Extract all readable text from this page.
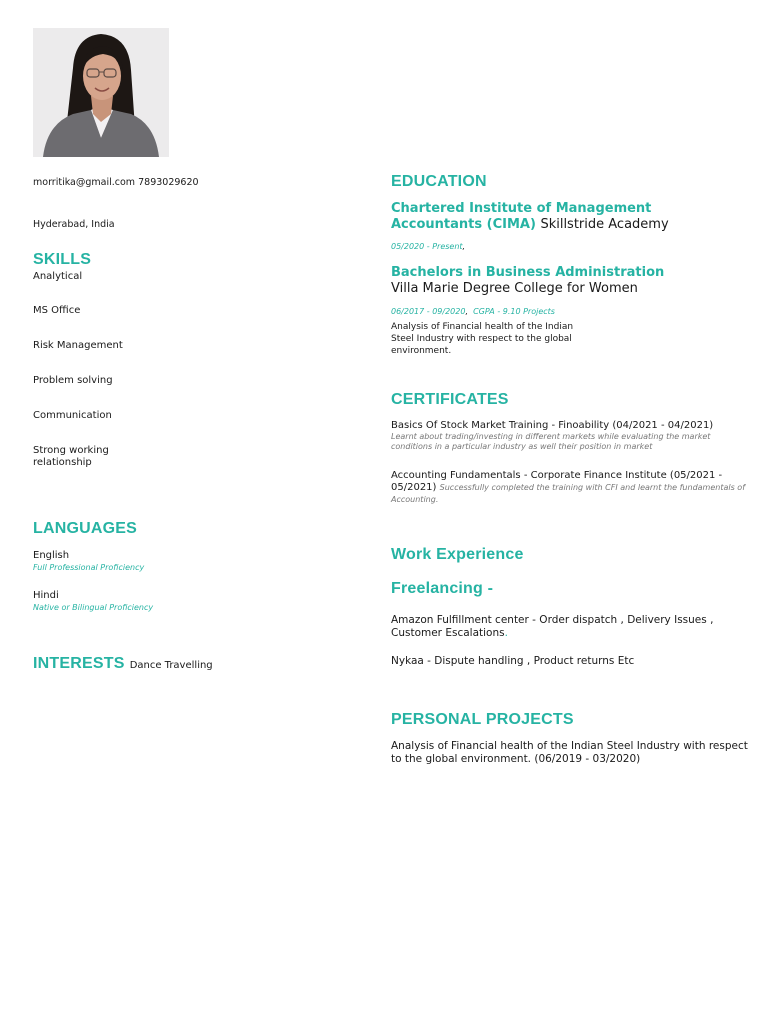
morritika@gmail.com 7893029620
Hyderabad, India
SKILLS
Analytical
MS Office
Risk Management
Problem solving
Communication
Strong working relationship
LANGUAGES
English
Full Professional Proficiency
Hindi
Native or Bilingual Proficiency
INTERESTS Dance Travelling
EDUCATION
Chartered Institute of Management Accountants (CIMA) Skillstride Academy
05/2020 - Present,
Bachelors in Business Administration
Villa Marie Degree College for Women
06/2017 - 09/2020, CGPA - 9.10 Projects
Analysis of Financial health of the Indian Steel Industry with respect to the global environment.
CERTIFICATES
Basics Of Stock Market Training - Finoability (04/2021 - 04/2021)
Learnt about trading/investing in different markets while evaluating the market conditions in a particular industry as well their position in market
Accounting Fundamentals - Corporate Finance Institute (05/2021 - 05/2021) Successfully completed the training with CFI and learnt the fundamentals of Accounting.
Work Experience
Freelancing -
Amazon Fulfillment center - Order dispatch , Delivery Issues , Customer Escalations.
Nykaa - Dispute handling , Product returns Etc
PERSONAL PROJECTS
Analysis of Financial health of the Indian Steel Industry with respect to the global environment. (06/2019 - 03/2020)
